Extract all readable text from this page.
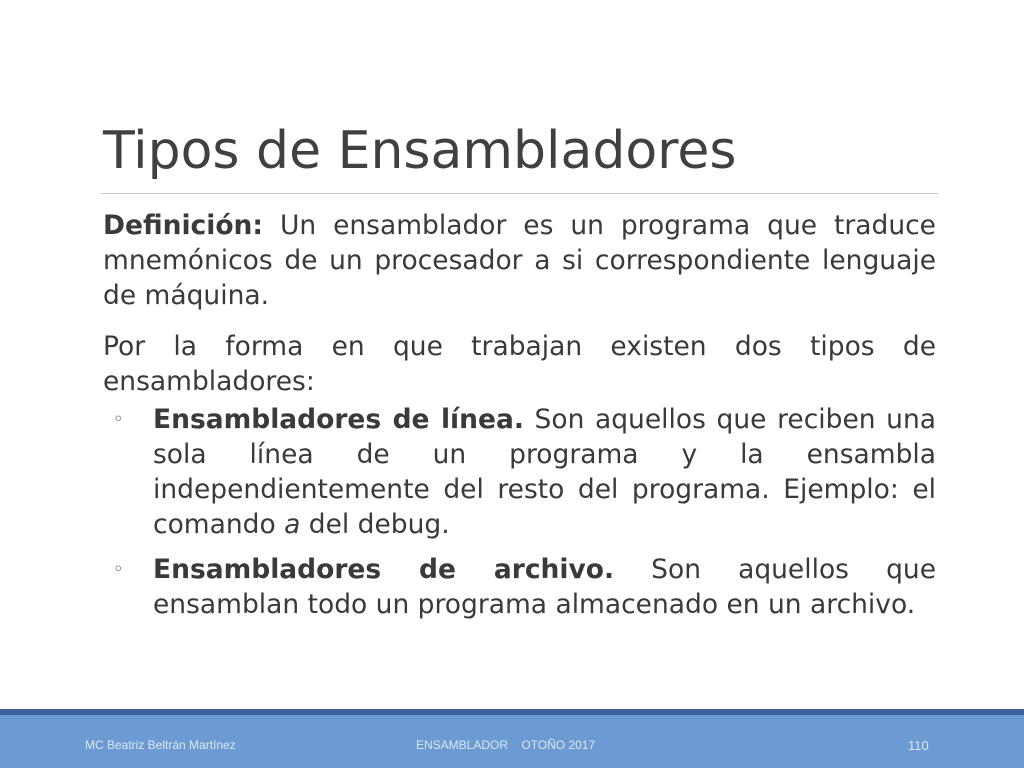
Tipos de Ensambladores

Definición: Un ensamblador es un programa que traduce mnemónicos de un procesador a si correspondiente lenguaje de máquina.

Por la forma en que trabajan existen dos tipos de ensambladores:

◦ Ensambladores de línea. Son aquellos que reciben una sola línea de un programa y la ensambla independientemente del resto del programa. Ejemplo: el comando a del debug.
◦ Ensambladores de archivo. Son aquellos que ensamblan todo un programa almacenado en un archivo.
MC Beatriz Beltrán Martínez	ENSAMBLADOR    OTOÑO 2017	110
